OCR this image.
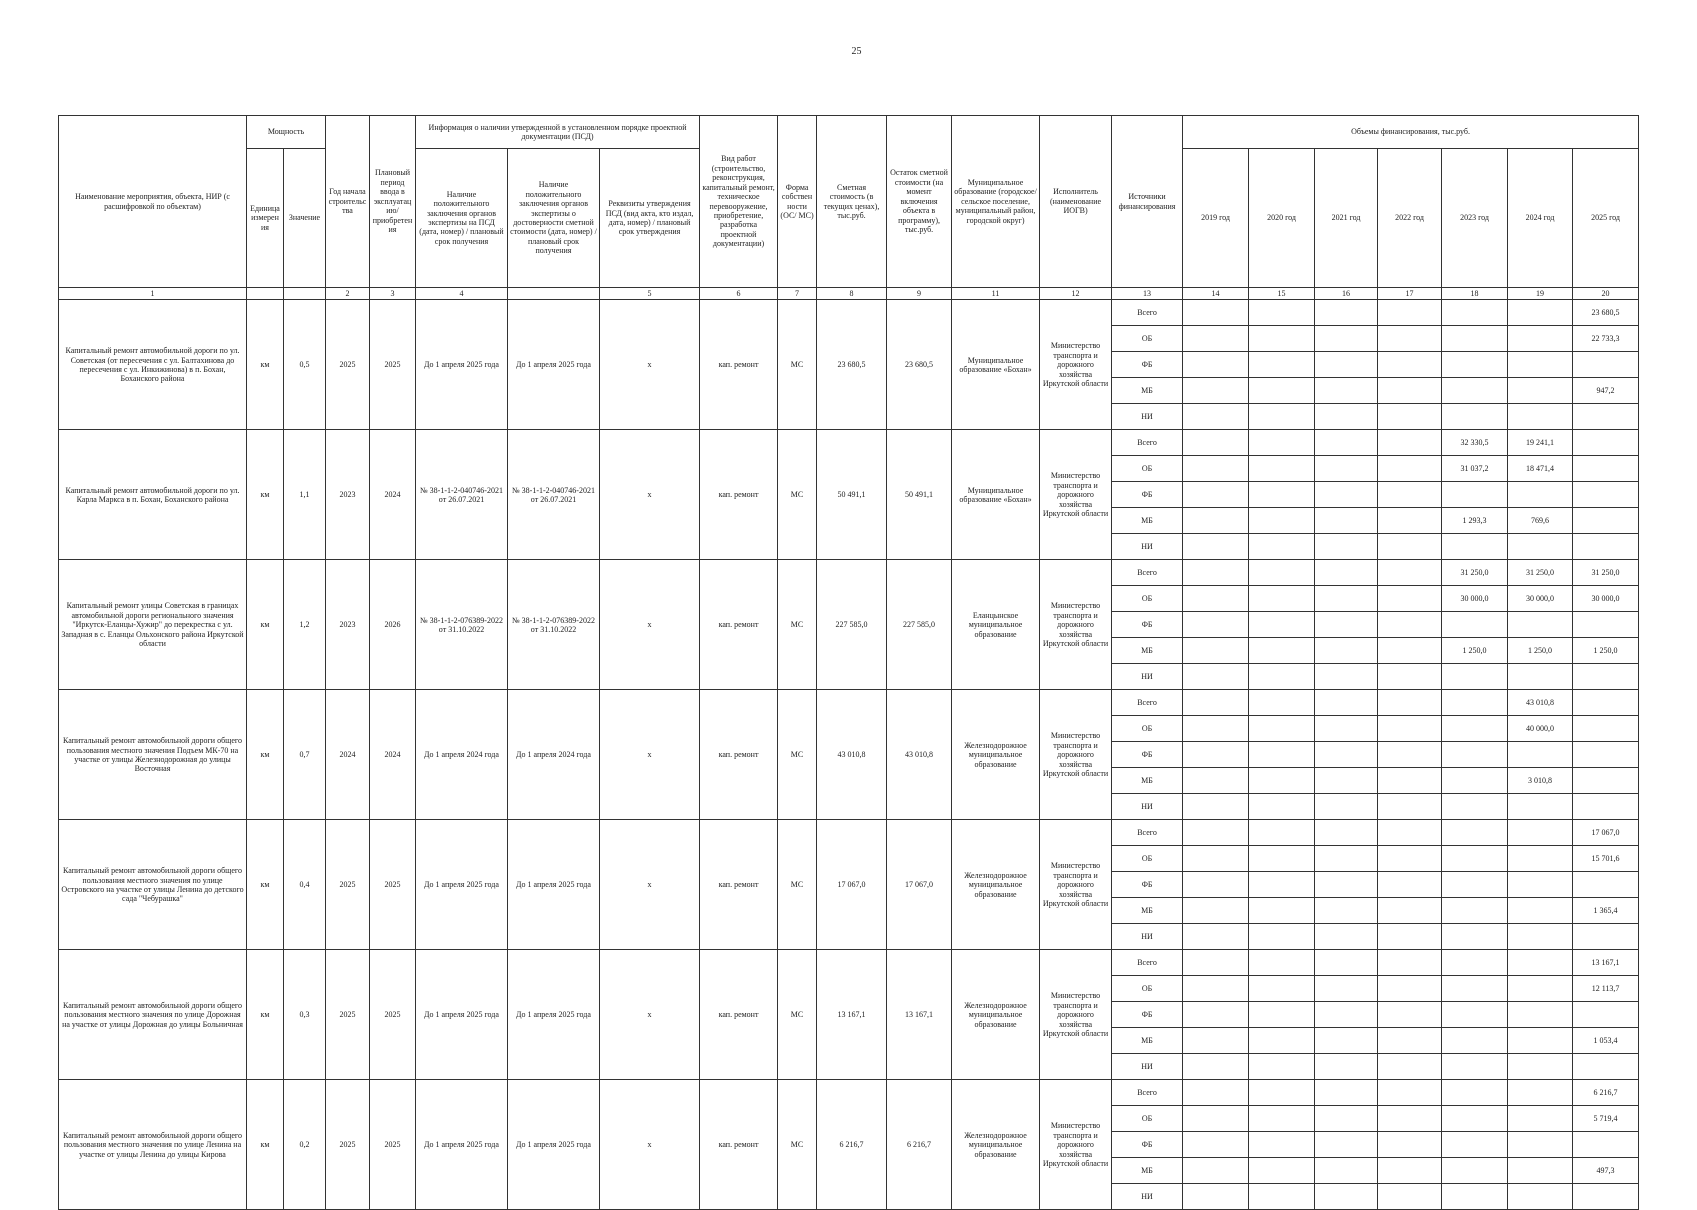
25
Наименование мероприятия, объекта, НИР (с расшифровкой по объектам)	Мощность		Год начала строительства	Плановый период ввода в эксплуатацию/приобретения	Информация о наличии утвержденной в установленном порядке проектной документации (ПСД)			Вид работ (строительство, реконструкция, капитальный ремонт, техническое перевооружение, приобретение, разработка проектной документации)	Форма собственности (ОС/ МС)	Сметная стоимость (в текущих ценах), тыс.руб.	Остаток сметной стоимости (на момент включения объекта в программу), тыс.руб.	Муниципальное образование (городское/сельское поселение, муниципальный район, городской округ)	Исполнитель (наименование ИОГВ)	Источники финансирования	Объемы финансирования, тыс.руб.						
	Единица измерения	Значение			Наличие положительного заключения органов экспертизы на ПСД (дата, номер) / плановый срок получения	Наличие положительного заключения органов экспертизы о достоверности сметной стоимости (дата, номер) / плановый срок получения	Реквизиты утверждения ПСД (вид акта, кто издал, дата, номер) / плановый срок утверждения								2019 год	2020 год	2021 год	2022 год	2023 год	2024 год	2025 год
1			2	3	4		5	6	7	8	9	11	12	13	14	15	16	17	18	19	20
Капитальный ремонт автомобильной дороги по ул. Советская (от пересечения с ул. Балтахинова до пересечения с ул. Инкижинова) в п. Бохан, Боханского района	км	0,5	2025	2025	До 1 апреля 2025 года	До 1 апреля 2025 года	х	кап. ремонт	МС	23 680,5	23 680,5	Муниципальное образование «Бохан»	Министерство транспорта и дорожного хозяйства Иркутской области	Всего							23 680,5
														ОБ							22 733,3
														ФБ							
														МБ							947,2
														НИ							
Капитальный ремонт автомобильной дороги по ул. Карла Маркса в п. Бохан, Боханского района	км	1,1	2023	2024	№ 38-1-1-2-040746-2021 от 26.07.2021	№ 38-1-1-2-040746-2021 от 26.07.2021	х	кап. ремонт	МС	50 491,1	50 491,1	Муниципальное образование «Бохан»	Министерство транспорта и дорожного хозяйства Иркутской области	Всего					32 330,5	19 241,1	
														ОБ					31 037,2	18 471,4	
														ФБ							
														МБ					1 293,3	769,6	
														НИ							
Капитальный ремонт улицы Советская в границах автомобильной дороги регионального значения "Иркутск-Еланцы-Хужир" до перекрестка с ул. Западная в с. Еланцы Ольхонского района Иркутской области	км	1,2	2023	2026	№ 38-1-1-2-076389-2022 от 31.10.2022	№ 38-1-1-2-076389-2022 от 31.10.2022	х	кап. ремонт	МС	227 585,0	227 585,0	Еланцынское муниципальное образование	Министерство транспорта и дорожного хозяйства Иркутской области	Всего					31 250,0	31 250,0	31 250,0
														ОБ					30 000,0	30 000,0	30 000,0
														ФБ							
														МБ					1 250,0	1 250,0	1 250,0
														НИ							
Капитальный ремонт автомобильной дороги общего пользования местного значения Подъем МК-70 на участке от улицы Железнодорожная до улицы Восточная	км	0,7	2024	2024	До 1 апреля 2024 года	До 1 апреля 2024 года	х	кап. ремонт	МС	43 010,8	43 010,8	Железнодорожное муниципальное образование	Министерство транспорта и дорожного хозяйства Иркутской области	Всего						43 010,8	
														ОБ						40 000,0	
														ФБ							
														МБ						3 010,8	
														НИ							
Капитальный ремонт автомобильной дороги общего пользования местного значения по улице Островского на участке от улицы Ленина до детского сада "Чебурашка"	км	0,4	2025	2025	До 1 апреля 2025 года	До 1 апреля 2025 года	х	кап. ремонт	МС	17 067,0	17 067,0	Железнодорожное муниципальное образование	Министерство транспорта и дорожного хозяйства Иркутской области	Всего							17 067,0
														ОБ							15 701,6
														ФБ							
														МБ							1 365,4
														НИ							
Капитальный ремонт автомобильной дороги общего пользования местного значения по улице Дорожная на участке от улицы Дорожная до улицы Больничная	км	0,3	2025	2025	До 1 апреля 2025 года	До 1 апреля 2025 года	х	кап. ремонт	МС	13 167,1	13 167,1	Железнодорожное муниципальное образование	Министерство транспорта и дорожного хозяйства Иркутской области	Всего							13 167,1
														ОБ							12 113,7
														ФБ							
														МБ							1 053,4
														НИ							
Капитальный ремонт автомобильной дороги общего пользования местного значения по улице Ленина на участке от улицы Ленина до улицы Кирова	км	0,2	2025	2025	До 1 апреля 2025 года	До 1 апреля 2025 года	х	кап. ремонт	МС	6 216,7	6 216,7	Железнодорожное муниципальное образование	Министерство транспорта и дорожного хозяйства Иркутской области	Всего							6 216,7
														ОБ							5 719,4
														ФБ							
														МБ							497,3
														НИ							
